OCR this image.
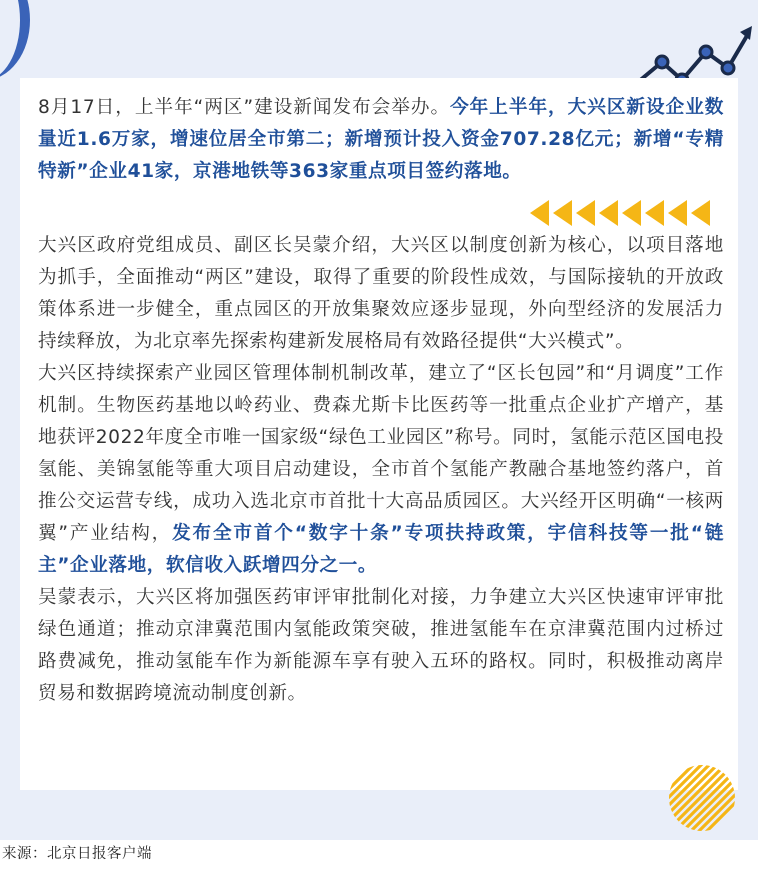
8月17日，上半年“两区”建设新闻发布会举办。今年上半年，大兴区新设企业数量近1.6万家，增速位居全市第二；新增预计投入资金707.28亿元；新增“专精特新”企业41家，京港地铁等363家重点项目签约落地。

大兴区政府党组成员、副区长吴蒙介绍，大兴区以制度创新为核心，以项目落地为抓手，全面推动“两区”建设，取得了重要的阶段性成效，与国际接轨的开放政策体系进一步健全，重点园区的开放集聚效应逐步显现，外向型经济的发展活力持续释放，为北京率先探索构建新发展格局有效路径提供“大兴模式”。

大兴区持续探索产业园区管理体制机制改革，建立了“区长包园”和“月调度”工作机制。生物医药基地以岭药业、费森尤斯卡比医药等一批重点企业扩产增产，基地获评2022年度全市唯一国家级“绿色工业园区”称号。同时，氢能示范区国电投氢能、美锦氢能等重大项目启动建设，全市首个氢能产教融合基地签约落户，首推公交运营专线，成功入选北京市首批十大高品质园区。大兴经开区明确“一核两翼”产业结构，发布全市首个“数字十条”专项扶持政策，宇信科技等一批“链主”企业落地，软信收入跃增四分之一。

吴蒙表示，大兴区将加强医药审评审批制化对接，力争建立大兴区快速审评审批绿色通道；推动京津冀范围内氢能政策突破，推进氢能车在京津冀范围内过桥过路费减免，推动氢能车作为新能源车享有驶入五环的路权。同时，积极推动离岸贸易和数据跨境流动制度创新。

来源：北京日报客户端
